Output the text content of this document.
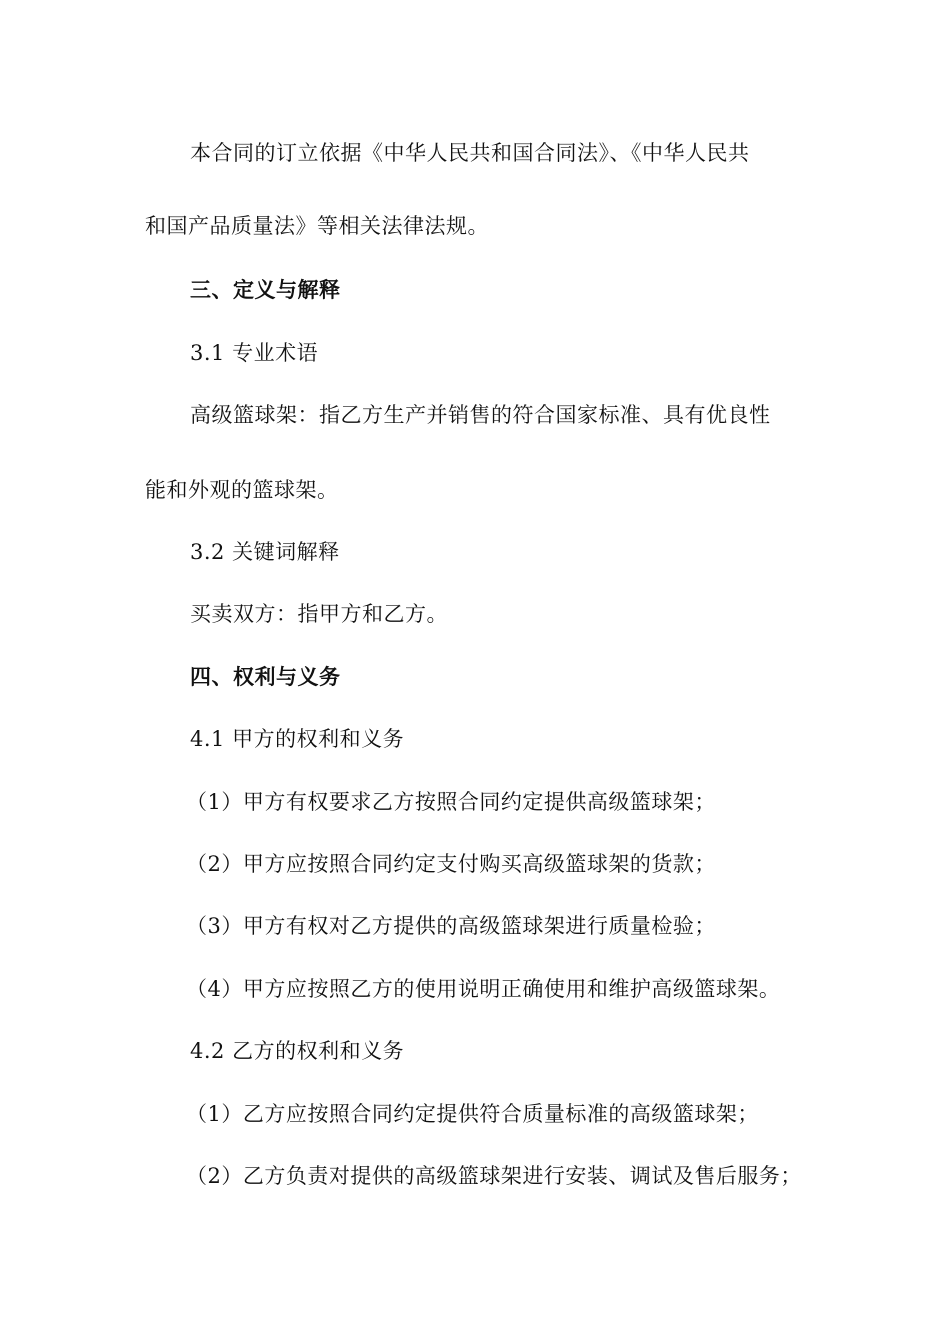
本合同的订立依据《中华人民共和国合同法》、《中华人民共
和国产品质量法》等相关法律法规。
三、定义与解释
3.1 专业术语
高级篮球架：指乙方生产并销售的符合国家标准、具有优良性
能和外观的篮球架。
3.2 关键词解释
买卖双方：指甲方和乙方。
四、权利与义务
4.1 甲方的权利和义务
（1）甲方有权要求乙方按照合同约定提供高级篮球架；
（2）甲方应按照合同约定支付购买高级篮球架的货款；
（3）甲方有权对乙方提供的高级篮球架进行质量检验；
（4）甲方应按照乙方的使用说明正确使用和维护高级篮球架。
4.2 乙方的权利和义务
（1）乙方应按照合同约定提供符合质量标准的高级篮球架；
（2）乙方负责对提供的高级篮球架进行安装、调试及售后服务；
